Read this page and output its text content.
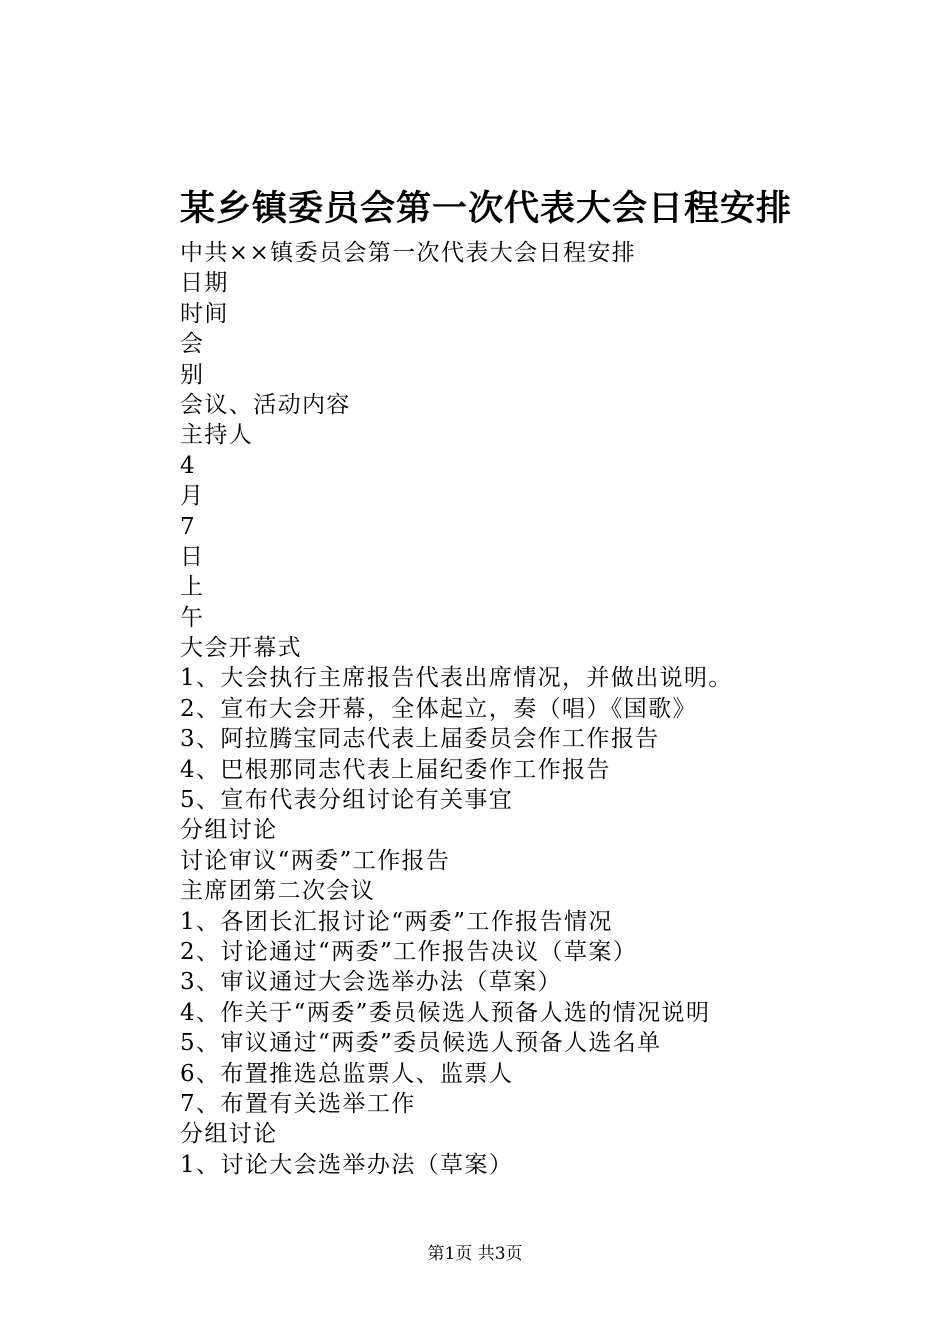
某乡镇委员会第一次代表大会日程安排
中共××镇委员会第一次代表大会日程安排
日期
时间
会
别
会议、活动内容
主持人
4
月
7
日
上
午
大会开幕式
1、大会执行主席报告代表出席情况，并做出说明。
2、宣布大会开幕，全体起立，奏（唱）《国歌》
3、阿拉腾宝同志代表上届委员会作工作报告
4、巴根那同志代表上届纪委作工作报告
5、宣布代表分组讨论有关事宜
分组讨论
讨论审议“两委”工作报告
主席团第二次会议
1、各团长汇报讨论“两委”工作报告情况
2、讨论通过“两委”工作报告决议（草案）
3、审议通过大会选举办法（草案）
4、作关于“两委”委员候选人预备人选的情况说明
5、审议通过“两委”委员候选人预备人选名单
6、布置推选总监票人、监票人
7、布置有关选举工作
分组讨论
1、讨论大会选举办法（草案）
第1页 共3页
